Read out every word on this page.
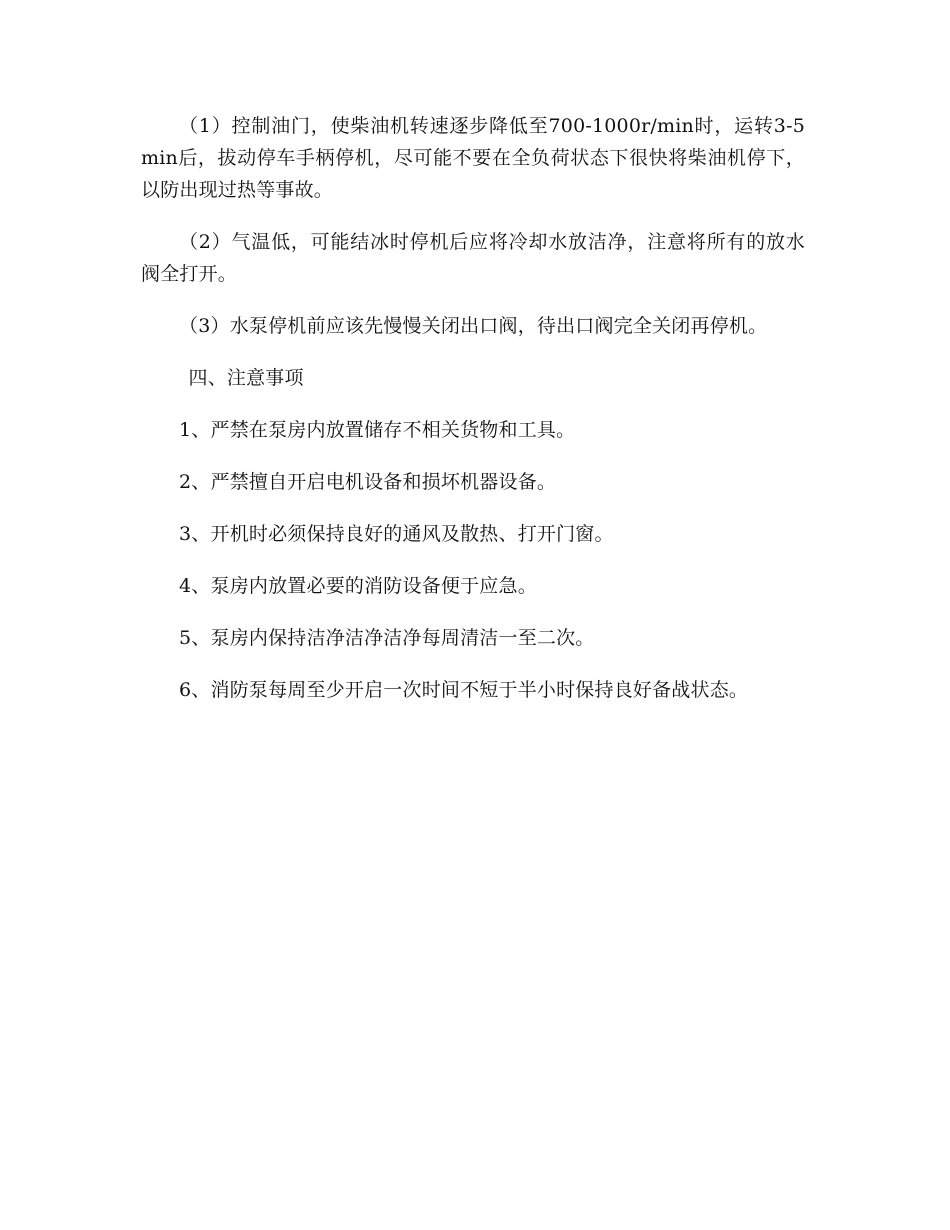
（1）控制油门，使柴油机转速逐步降低至700-1000r/min时，运转3-5min后，拔动停车手柄停机，尽可能不要在全负荷状态下很快将柴油机停下，以防出现过热等事故。

（2）气温低，可能结冰时停机后应将冷却水放洁净，注意将所有的放水阀全打开。

（3）水泵停机前应该先慢慢关闭出口阀，待出口阀完全关闭再停机。

四、注意事项

1、严禁在泵房内放置储存不相关货物和工具。

2、严禁擅自开启电机设备和损坏机器设备。

3、开机时必须保持良好的通风及散热、打开门窗。

4、泵房内放置必要的消防设备便于应急。

5、泵房内保持洁净洁净洁净每周清洁一至二次。

6、消防泵每周至少开启一次时间不短于半小时保持良好备战状态。
